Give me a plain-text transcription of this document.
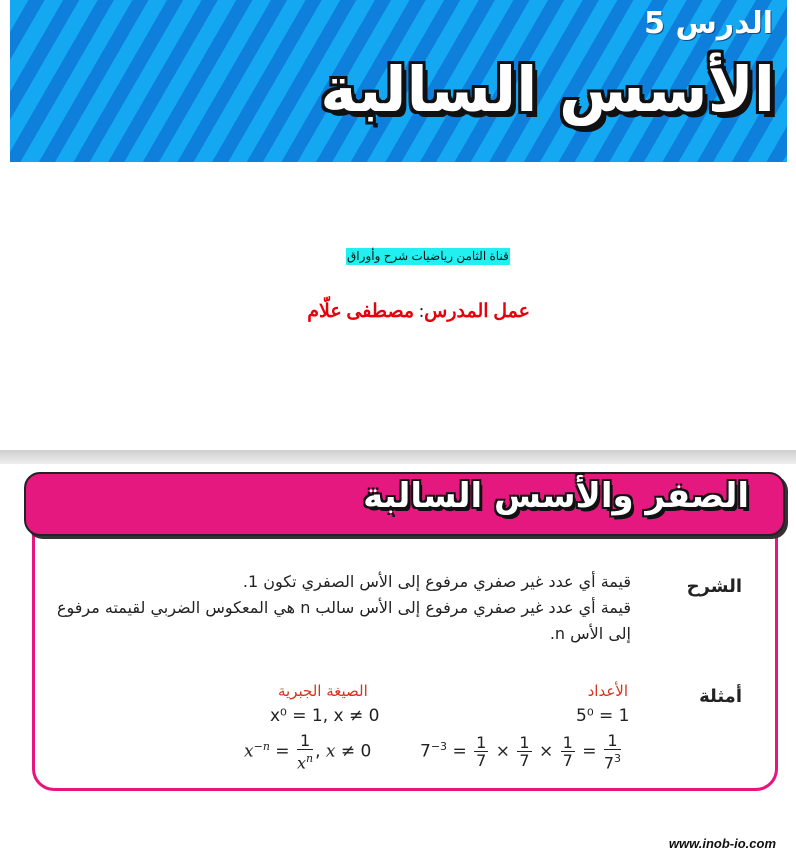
الدرس 5
الأسس السالبة
قناة الثامن رياضيات شرح وأوراق
عمل المدرس: مصطفى علّام
الصفر والأسس السالبة
الشرح

قيمة أي عدد غير صفري مرفوع إلى الأس الصفري تكون 1.

قيمة أي عدد غير صفري مرفوع إلى الأس سالب n هي المعكوس الضربي لقيمته مرفوع إلى الأس n.

أمثلة
الأعداد
الصيغة الجبرية
5⁰ = 1
x⁰ = 1, x ≠ 0
$7^{-3} = \frac{1}{7} \times \frac{1}{7} \times \frac{1}{7} = \frac{1}{7^3}$
$x^{-n} = \frac{1}{x^n}$ , x ≠ 0
www.inob-io.com
